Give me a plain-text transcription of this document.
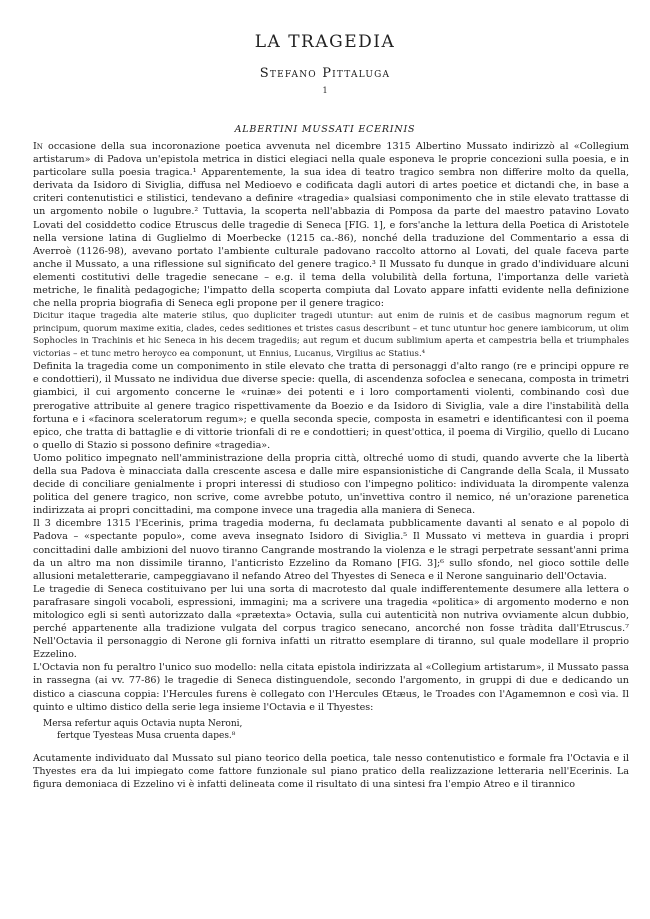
LA TRAGEDIA
Stefano Pittaluga
1
ALBERTINI MUSSATI ECERINIS

In occasione della sua incoronazione poetica avvenuta nel dicembre 1315 Albertino Mussato indirizzò al «Collegium artistarum» di Padova un'epistola metrica in distici elegiaci nella quale esponeva le proprie concezioni sulla poesia, e in particolare sulla poesia tragica.¹ Apparentemente, la sua idea di teatro tragico sembra non differire molto da quella, derivata da Isidoro di Siviglia, diffusa nel Medioevo e codificata dagli autori di artes poetice et dictandi che, in base a criteri contenutistici e stilistici, tendevano a definire «tragedia» qualsiasi componimento che in stile elevato trattasse di un argomento nobile o lugubre.² Tuttavia, la scoperta nell'abbazia di Pomposa da parte del maestro patavino Lovato Lovati del cosiddetto codice Etruscus delle tragedie di Seneca [FIG. 1], e fors'anche la lettura della Poetica di Aristotele nella versione latina di Guglielmo di Moerbecke (1215 ca.-86), nonché della traduzione del Commentario a essa di Averroè (1126-98), avevano portato l'ambiente culturale padovano raccolto attorno al Lovati, del quale faceva parte anche il Mussato, a una riflessione sul significato del genere tragico.³ Il Mussato fu dunque in grado d'individuare alcuni elementi costitutivi delle tragedie senecane – e.g. il tema della volubilità della fortuna, l'importanza delle varietà metriche, le finalità pedagogiche; l'impatto della scoperta compiuta dal Lovato appare infatti evidente nella definizione che nella propria biografia di Seneca egli propone per il genere tragico:

Dicitur itaque tragedia alte materie stilus, quo dupliciter tragedi utuntur: aut enim de ruinis et de casibus magnorum regum et principum, quorum maxime exitia, clades, cedes seditiones et tristes casus describunt – et tunc utuntur hoc genere iambicorum, ut olim Sophocles in Trachinis et hic Seneca in his decem tragediis; aut regum et ducum sublimium aperta et campestria bella et triumphales victorias – et tunc metro heroyco ea componunt, ut Ennius, Lucanus, Virgilius ac Statius.⁴

Definita la tragedia come un componimento in stile elevato che tratta di personaggi d'alto rango (re e principi oppure re e condottieri), il Mussato ne individua due diverse specie: quella, di ascendenza sofoclea e senecana, composta in trimetri giambici, il cui argomento concerne le «ruinæ» dei potenti e i loro comportamenti violenti, combinando così due prerogative attribuite al genere tragico rispettivamente da Boezio e da Isidoro di Siviglia, vale a dire l'instabilità della fortuna e i «facinora sceleratorum regum»; e quella seconda specie, composta in esametri e identificantesi con il poema epico, che tratta di battaglie e di vittorie trionfali di re e condottieri; in quest'ottica, il poema di Virgilio, quello di Lucano o quello di Stazio si possono definire «tragedia».

Uomo politico impegnato nell'amministrazione della propria città, oltreché uomo di studi, quando avverte che la libertà della sua Padova è minacciata dalla crescente ascesa e dalle mire espansionistiche di Cangrande della Scala, il Mussato decide di conciliare genialmente i propri interessi di studioso con l'impegno politico: individuata la dirompente valenza politica del genere tragico, non scrive, come avrebbe potuto, un'invettiva contro il nemico, né un'orazione parenetica indirizzata ai propri concittadini, ma compone invece una tragedia alla maniera di Seneca.

Il 3 dicembre 1315 l'Ecerinis, prima tragedia moderna, fu declamata pubblicamente davanti al senato e al popolo di Padova – «spectante populo», come aveva insegnato Isidoro di Siviglia.⁵ Il Mussato vi metteva in guardia i propri concittadini dalle ambizioni del nuovo tiranno Cangrande mostrando la violenza e le stragi perpetrate sessant'anni prima da un altro ma non dissimile tiranno, l'anticristo Ezzelino da Romano [FIG. 3];⁶ sullo sfondo, nel gioco sottile delle allusioni metaletterarie, campeggiavano il nefando Atreo del Thyestes di Seneca e il Nerone sanguinario dell'Octavia.

Le tragedie di Seneca costituivano per lui una sorta di macrotesto dal quale indifferentemente desumere alla lettera o parafrasare singoli vocaboli, espressioni, immagini; ma a scrivere una tragedia «politica» di argomento moderno e non mitologico egli si sentì autorizzato dalla «prætexta» Octavia, sulla cui autenticità non nutriva ovviamente alcun dubbio, perché appartenente alla tradizione vulgata del corpus tragico senecano, ancorché non fosse tràdita dall'Etruscus.⁷ Nell'Octavia il personaggio di Nerone gli forniva infatti un ritratto esemplare di tiranno, sul quale modellare il proprio Ezzelino.

L'Octavia non fu peraltro l'unico suo modello: nella citata epistola indirizzata al «Collegium artistarum», il Mussato passa in rassegna (ai vv. 77-86) le tragedie di Seneca distinguendole, secondo l'argomento, in gruppi di due e dedicando un distico a ciascuna coppia: l'Hercules furens è collegato con l'Hercules Œtæus, le Troades con l'Agamemnon e così via. Il quinto e ultimo distico della serie lega insieme l'Octavia e il Thyestes:

Mersa refertur aquis Octavia nupta Neroni,
fertque Tyesteas Musa cruenta dapes.⁸

Acutamente individuato dal Mussato sul piano teorico della poetica, tale nesso contenutistico e formale fra l'Octavia e il Thyestes era da lui impiegato come fattore funzionale sul piano pratico della realizzazione letteraria nell'Ecerinis. La figura demoniaca di Ezzelino vi è infatti delineata come il risultato di una sintesi fra l'empio Atreo e il tirannico
